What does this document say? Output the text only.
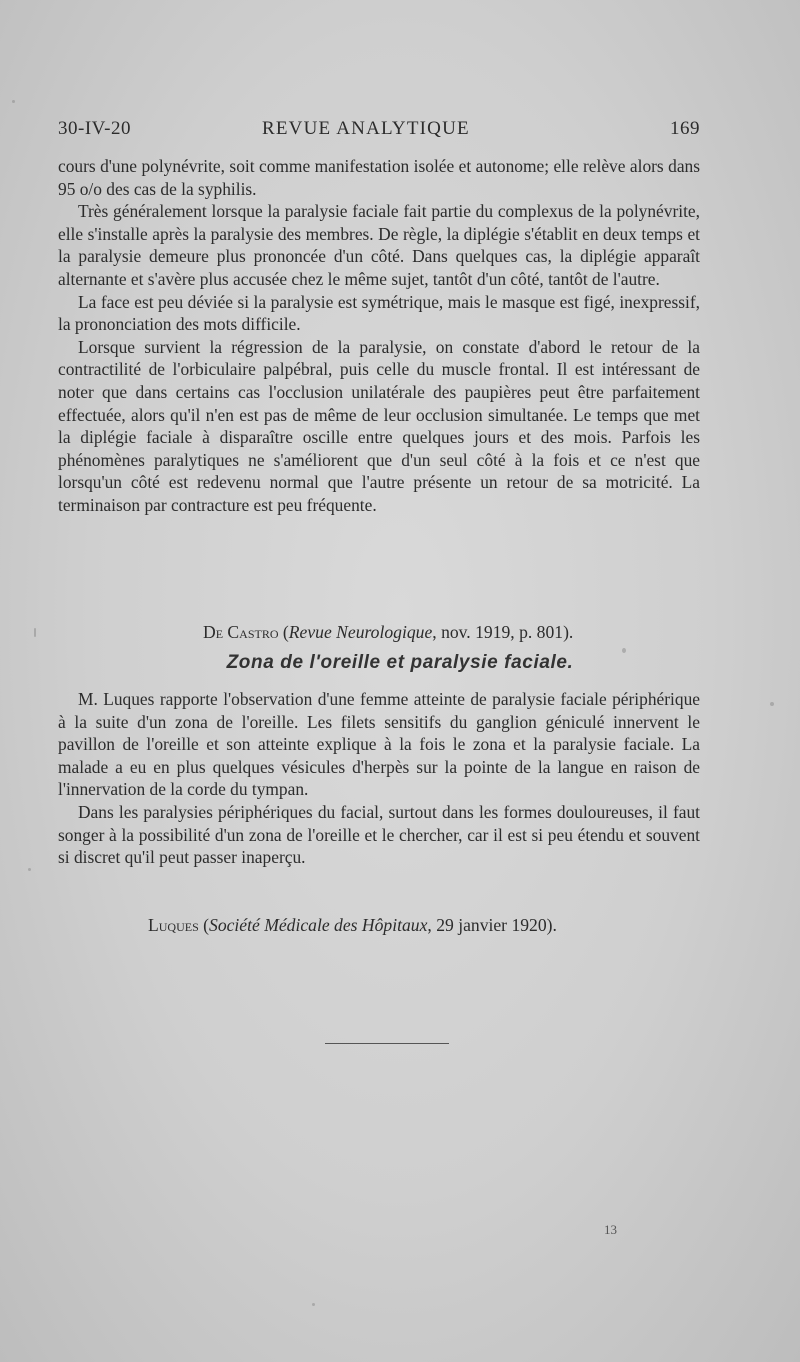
30-IV-20	REVUE ANALYTIQUE	169

cours d'une polynévrite, soit comme manifestation isolée et autonome; elle relève alors dans 95 o/o des cas de la syphilis.

Très généralement lorsque la paralysie faciale fait partie du complexus de la polynévrite, elle s'installe après la paralysie des membres. De règle, la diplégie s'établit en deux temps et la paralysie demeure plus prononcée d'un côté. Dans quelques cas, la diplégie apparaît alternante et s'avère plus accusée chez le même sujet, tantôt d'un côté, tantôt de l'autre.

La face est peu déviée si la paralysie est symétrique, mais le masque est figé, inexpressif, la prononciation des mots difficile.

Lorsque survient la régression de la paralysie, on constate d'abord le retour de la contractilité de l'orbiculaire palpébral, puis celle du muscle frontal. Il est intéressant de noter que dans certains cas l'occlusion unilatérale des paupières peut être parfaitement effectuée, alors qu'il n'en est pas de même de leur occlusion simultanée. Le temps que met la diplégie faciale à disparaître oscille entre quelques jours et des mois. Parfois les phénomènes paralytiques ne s'améliorent que d'un seul côté à la fois et ce n'est que lorsqu'un côté est redevenu normal que l'autre présente un retour de sa motricité. La terminaison par contracture est peu fréquente.

De Castro (Revue Neurologique, nov. 1919, p. 801).
Zona de l'oreille et paralysie faciale.

M. Luques rapporte l'observation d'une femme atteinte de paralysie faciale périphérique à la suite d'un zona de l'oreille. Les filets sensitifs du ganglion géniculé innervent le pavillon de l'oreille et son atteinte explique à la fois le zona et la paralysie faciale. La malade a eu en plus quelques vésicules d'herpès sur la pointe de la langue en raison de l'innervation de la corde du tympan.

Dans les paralysies périphériques du facial, surtout dans les formes douloureuses, il faut songer à la possibilité d'un zona de l'oreille et le chercher, car il est si peu étendu et souvent si discret qu'il peut passer inaperçu.

Luques (Société Médicale des Hôpitaux, 29 janvier 1920).
13
